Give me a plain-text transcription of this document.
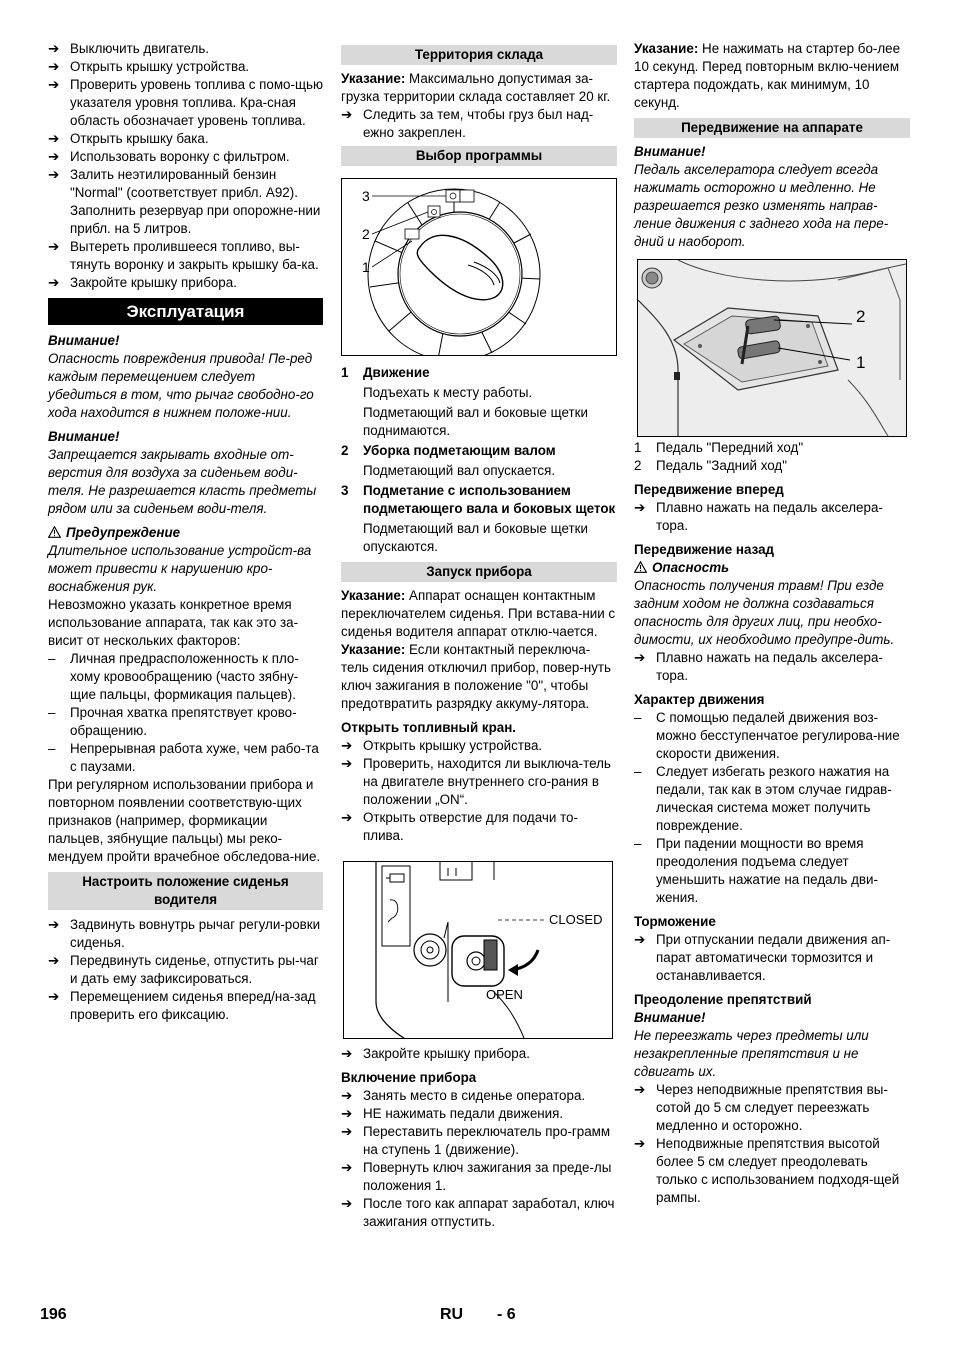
➔ Выключить двигатель.
➔ Открыть крышку устройства.
➔ Проверить уровень топлива с помо-щью указателя уровня топлива. Кра-сная область обозначает уровень топлива.
➔ Открыть крышку бака.
➔ Использовать воронку с фильтром.
➔ Залить неэтилированный бензин "Normal" (соответствует прибл. A92). Заполнить резервуар при опорожне-нии прибл. на 5 литров.
➔ Вытереть пролившееся топливо, вы-тянуть воронку и закрыть крышку ба-ка.
➔ Закройте крышку прибора.
Эксплуатация

Внимание!

Опасность повреждения привода! Пе-ред каждым перемещением следует убедиться в том, что рычаг свободно-го хода находится в нижнем положе-нии.

Внимание!

Запрещается закрывать входные от-верстия для воздуха за сиденьем води-теля. Не разрешается класть предметы рядом или за сиденьем води-теля.

Предупреждение

Длительное использование устройст-ва может привести к нарушению кро-воснабжения рук.

Невозможно указать конкретное время использование аппарата, так как это за-висит от нескольких факторов:

– Личная предрасположенность к пло-хому кровообращению (часто зябну-щие пальцы, формикация пальцев).
– Прочная хватка препятствует крово-обращению.
– Непрерывная работа хуже, чем рабо-та с паузами.

При регулярном использовании прибора и повторном появлении соответствую-щих признаков (например, формикации пальцев, зябнущие пальцы) мы реко-мендуем пройти врачебное обследова-ние.

Настроить положение сиденья водителя
➔ Задвинуть вовнутрь рычаг регули-ровки сиденья.
➔ Передвинуть сиденье, отпустить ры-чаг и дать ему зафиксироваться.
➔ Перемещением сиденья вперед/на-зад проверить его фиксацию.
Территория склада

Указание: Максимально допустимая за-грузка территории склада составляет 20 кг.

➔ Следить за тем, чтобы груз был над-ежно закреплен.
Выбор программы
3
2
1
1 Движение

Подъехать к месту работы.

Подметающий вал и боковые щетки поднимаются.

2 Уборка подметающим валом

Подметающий вал опускается.

3 Подметание с использованием подметающего вала и боковых щеток

Подметающий вал и боковые щетки опускаются.

Запуск прибора

Указание: Аппарат оснащен контактным переключателем сиденья. При вставa-нии с сиденья водителя аппарат отклю-чается.

Указание: Если контактный переключа-тель сидения отключил прибор, повер-нуть ключ зажигания в положение "0", чтобы предотвратить разрядку аккуму-лятора.

Открыть топливный кран.

➔ Открыть крышку устройства.
➔ Проверить, находится ли выключа-тель на двигателе внутреннего сго-рания в положении „ON“.
➔ Открыть отверстие для подачи то-плива.
CLOSED
OPEN
➔ Закройте крышку прибора.

Включение прибора

➔ Занять место в сиденье оператора.
➔ НЕ нажимать педали движения.
➔ Переставить переключатель про-грамм на ступень 1 (движение).
➔ Повернуть ключ зажигания за преде-лы положения 1.
➔ После того как аппарат заработал, ключ зажигания отпустить.

Указание: Не нажимать на стартер бо-лее 10 секунд. Перед повторным вклю-чением стартера подождать, как минимум, 10 секунд.

Передвижение на аппарате

Внимание!

Педаль акселератора следует всегда нажимать осторожно и медленно. Не разрешается резко изменять направ-ление движения с заднего хода на пере-дний и наоборот.

2
1
1 Педаль "Передний ход"
2 Педаль "Задний ход"

Передвижение вперед

➔ Плавно нажать на педаль акселера-тора.

Передвижение назад

Опасность

Опасность получения травм! При езде задним ходом не должна создаваться опасность для других лиц, при необхо-димости, их необходимо предупре-дить.

➔ Плавно нажать на педаль акселера-тора.

Характер движения

– С помощью педалей движения воз-можно бесступенчатое регулирова-ние скорости движения.
– Следует избегать резкого нажатия на педали, так как в этом случае гидрав-лическая система может получить повреждение.
– При падении мощности во время преодоления подъема следует уменьшить нажатие на педаль дви-жения.

Торможение

➔ При отпускании педали движения ап-парат автоматически тормозится и останавливается.

Преодоление препятствий

Внимание!

Не переезжать через предметы или незакрепленные препятствия и не сдвигать их.

➔ Через неподвижные препятствия вы-сотой до 5 см следует переезжать медленно и осторожно.
➔ Неподвижные препятствия высотой более 5 см следует преодолевать только с использованием подходя-щей рампы.
196	RU - 6
